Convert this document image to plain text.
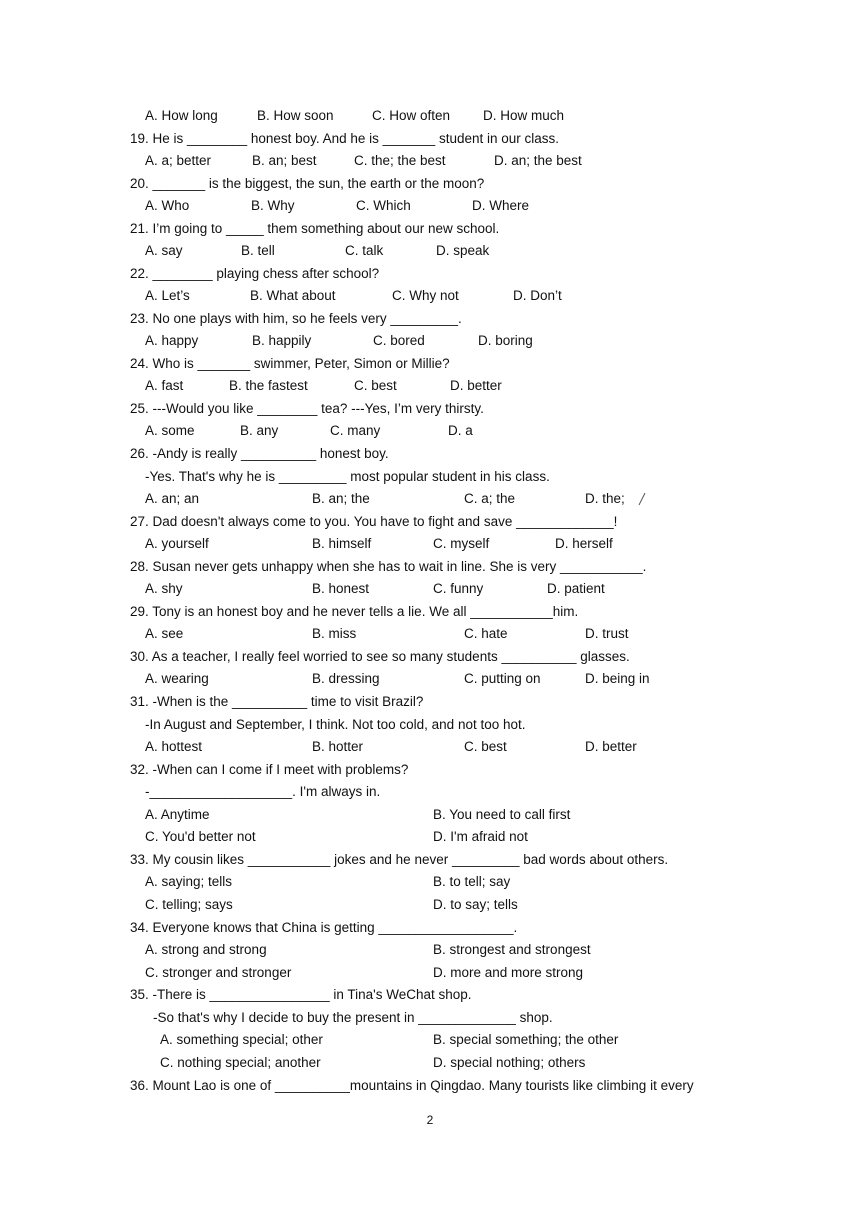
A. How long	B. How soon	C. How often D. How much
19. He is ________ honest boy. And he is _______ student in our class.
A. a; better	B. an; best	C. the; the best	D. an; the best
20. _______ is the biggest, the sun, the earth or the moon?
A. Who	B. Why	C. Which	D. Where
21. I’m going to _____ them something about our new school.
A. say	B. tell	C. talk	D. speak
22. ________ playing chess after school?
A. Let’s	B. What about	C. Why not	D. Don’t
23. No one plays with him, so he feels very _________.
A. happy	B. happily	C. bored	D. boring
24. Who is _______ swimmer, Peter, Simon or Millie?
A. fast	B. the fastest	C. best	D. better
25. ---Would you like ________ tea? ---Yes, I’m very thirsty.
A. some	B. any	C. many	D. a
26. -Andy is really __________ honest boy.
-Yes. That's why he is _________ most popular student in his class.
A. an; an	B. an; the	C. a; the	D. the;
27. Dad doesn't always come to you. You have to fight and save _____________!
A. yourself	B. himself	C. myself	D. herself
28. Susan never gets unhappy when she has to wait in line. She is very ___________.
A. shy	B. honest	C. funny	D. patient
29. Tony is an honest boy and he never tells a lie. We all ___________him.
A. see	B. miss	C. hate	D. trust
30. As a teacher, I really feel worried to see so many students __________ glasses.
A. wearing	B. dressing	C. putting on	D. being in
31. -When is the __________ time to visit Brazil?
-In August and September, I think. Not too cold, and not too hot.
A. hottest	B. hotter	C. best	D. better
32. -When can I come if I meet with problems?
-___________________. I'm always in.
A. Anytime	B. You need to call first
C. You'd better not	D. I'm afraid not
33. My cousin likes ___________ jokes and he never _________ bad words about others.
A. saying; tells	B. to tell; say
C. telling; says	D. to say; tells
34. Everyone knows that China is getting __________________.
A. strong and strong	B. strongest and strongest
C. stronger and stronger	D. more and more strong
35. -There is ________________ in Tina's WeChat shop.
-So that's why I decide to buy the present in _____________ shop.
A. something special; other	B. special something; the other
C. nothing special; another	D. special nothing; others
36. Mount Lao is one of __________mountains in Qingdao. Many tourists like climbing it every
2
